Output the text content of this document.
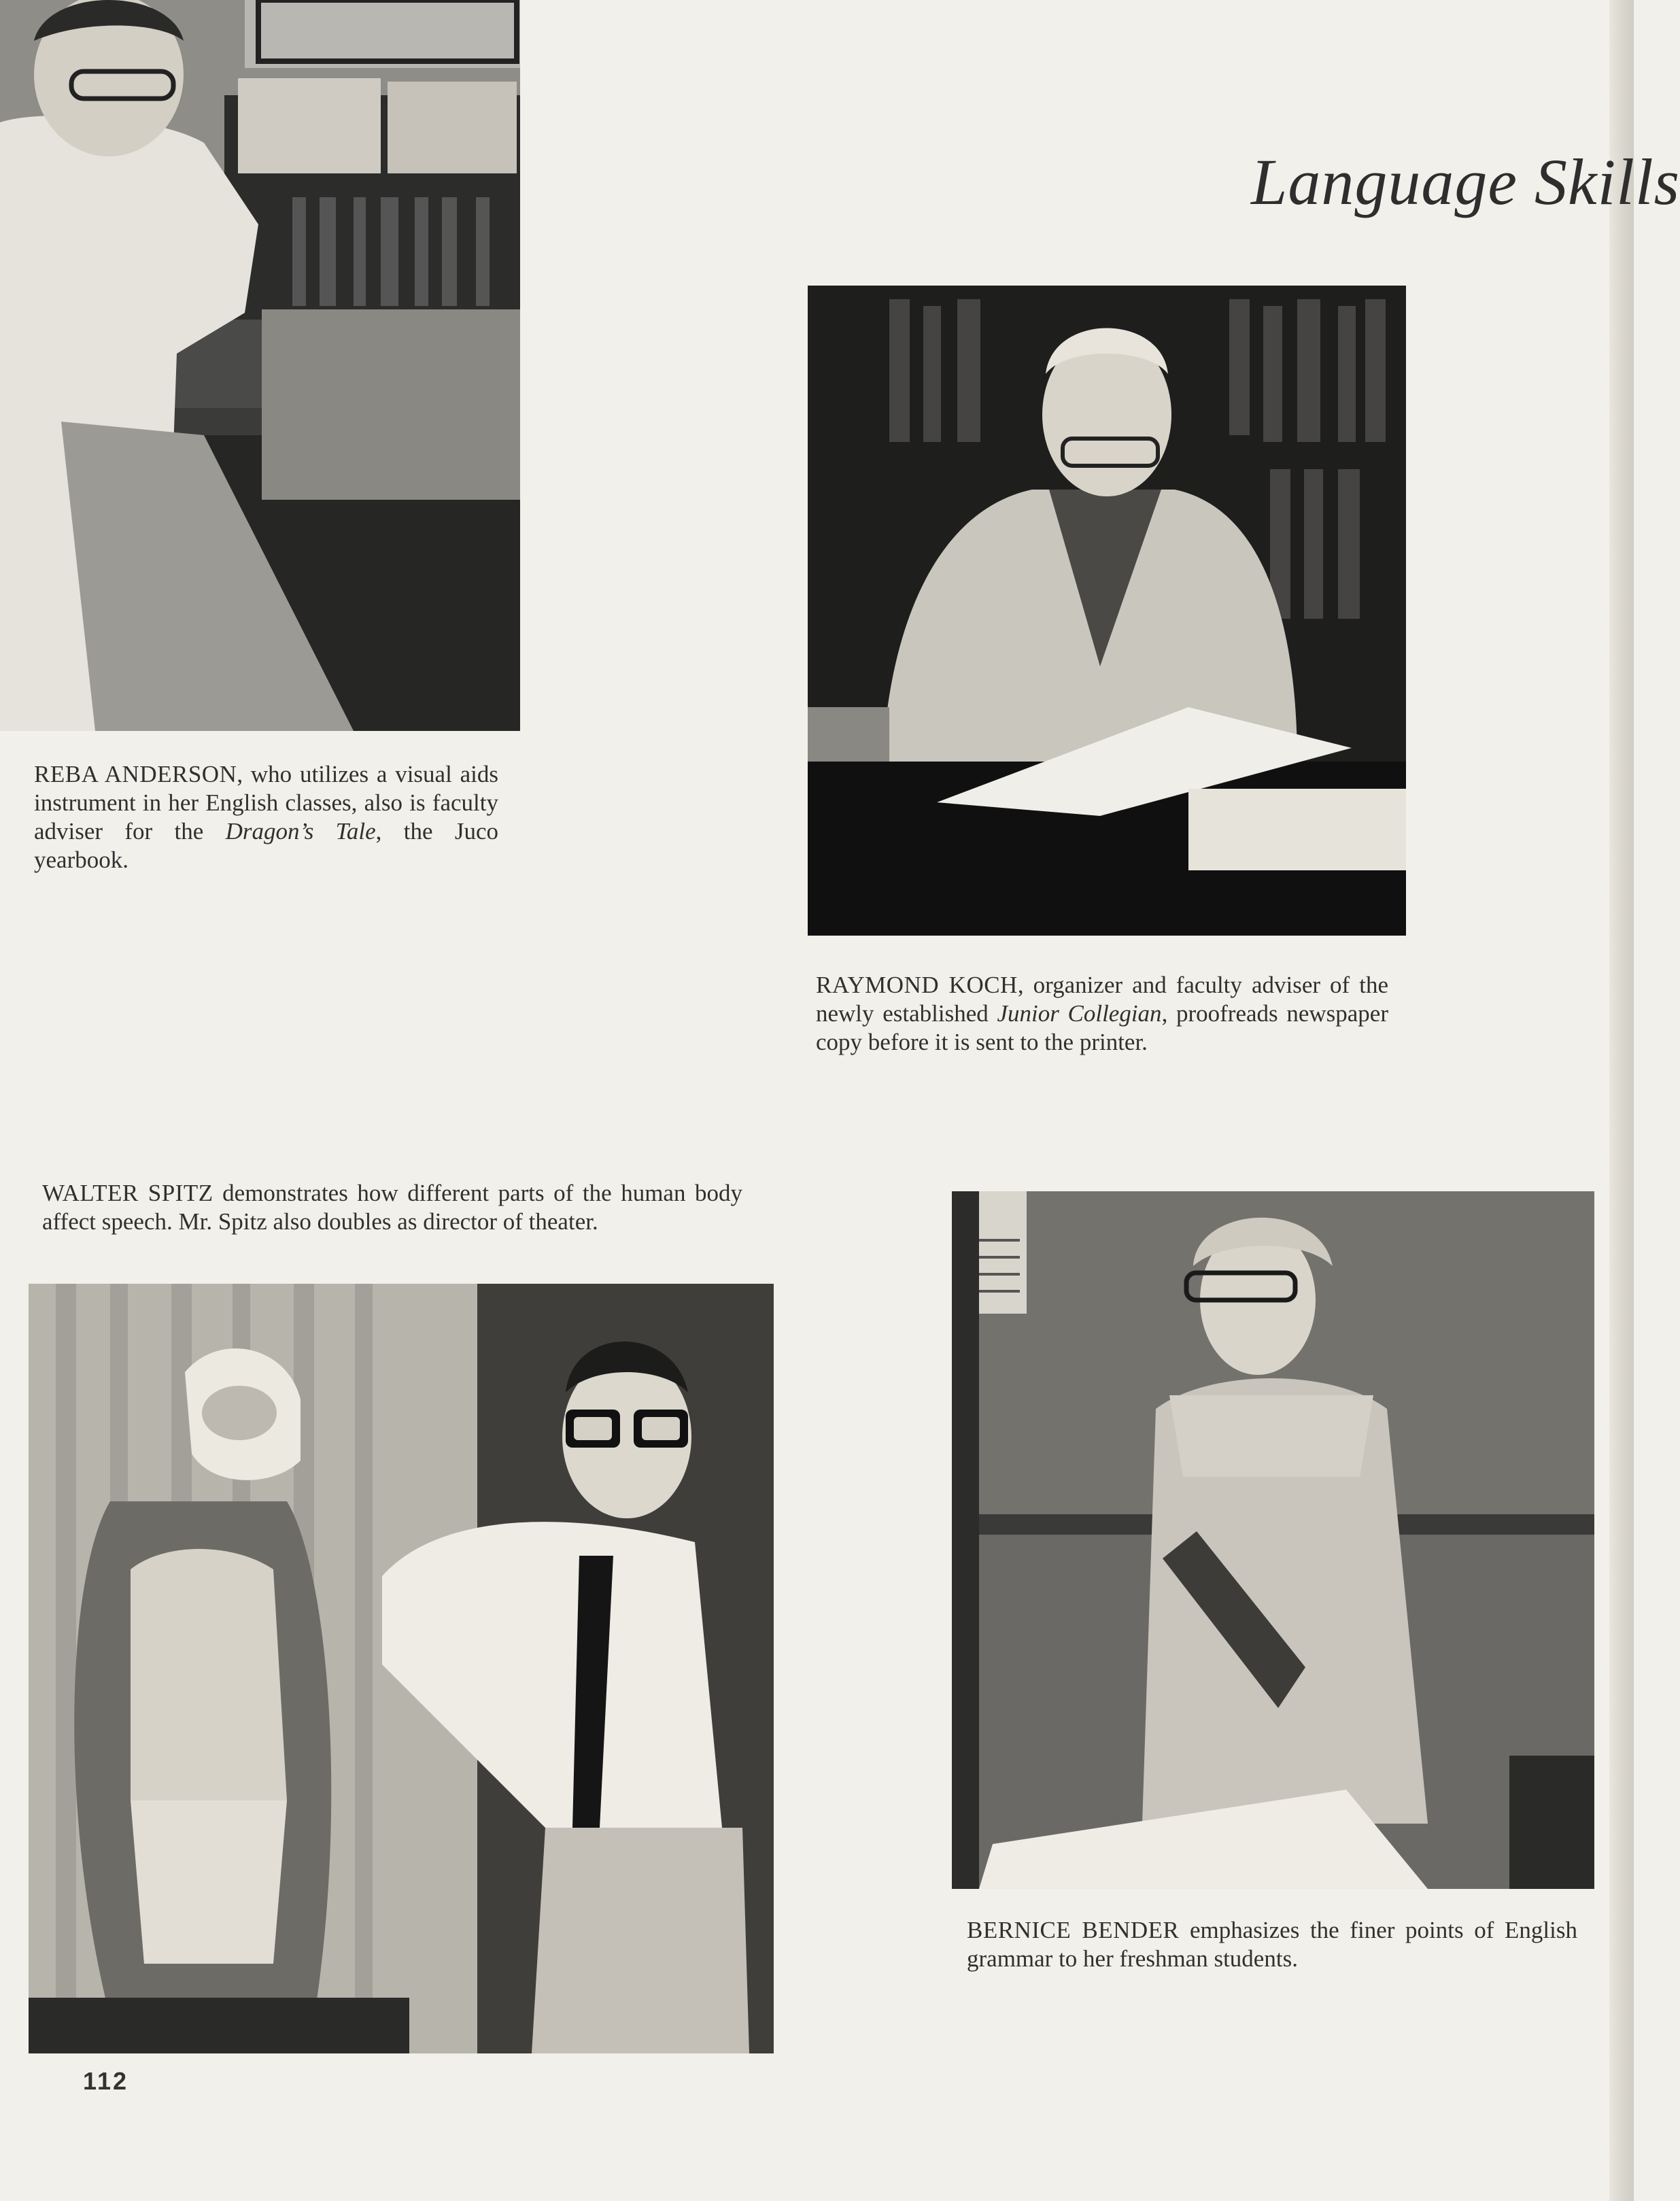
Language Skills
REBA ANDERSON, who utilizes a visual aids instrument in her English classes, also is faculty adviser for the Dragon’s Tale, the Juco yearbook.
RAYMOND KOCH, organizer and faculty adviser of the newly established Junior Collegian, proofreads newspaper copy before it is sent to the printer.
WALTER SPITZ demonstrates how different parts of the human body affect speech. Mr. Spitz also doubles as director of theater.
BERNICE BENDER emphasizes the finer points of English grammar to her freshman students.
112
